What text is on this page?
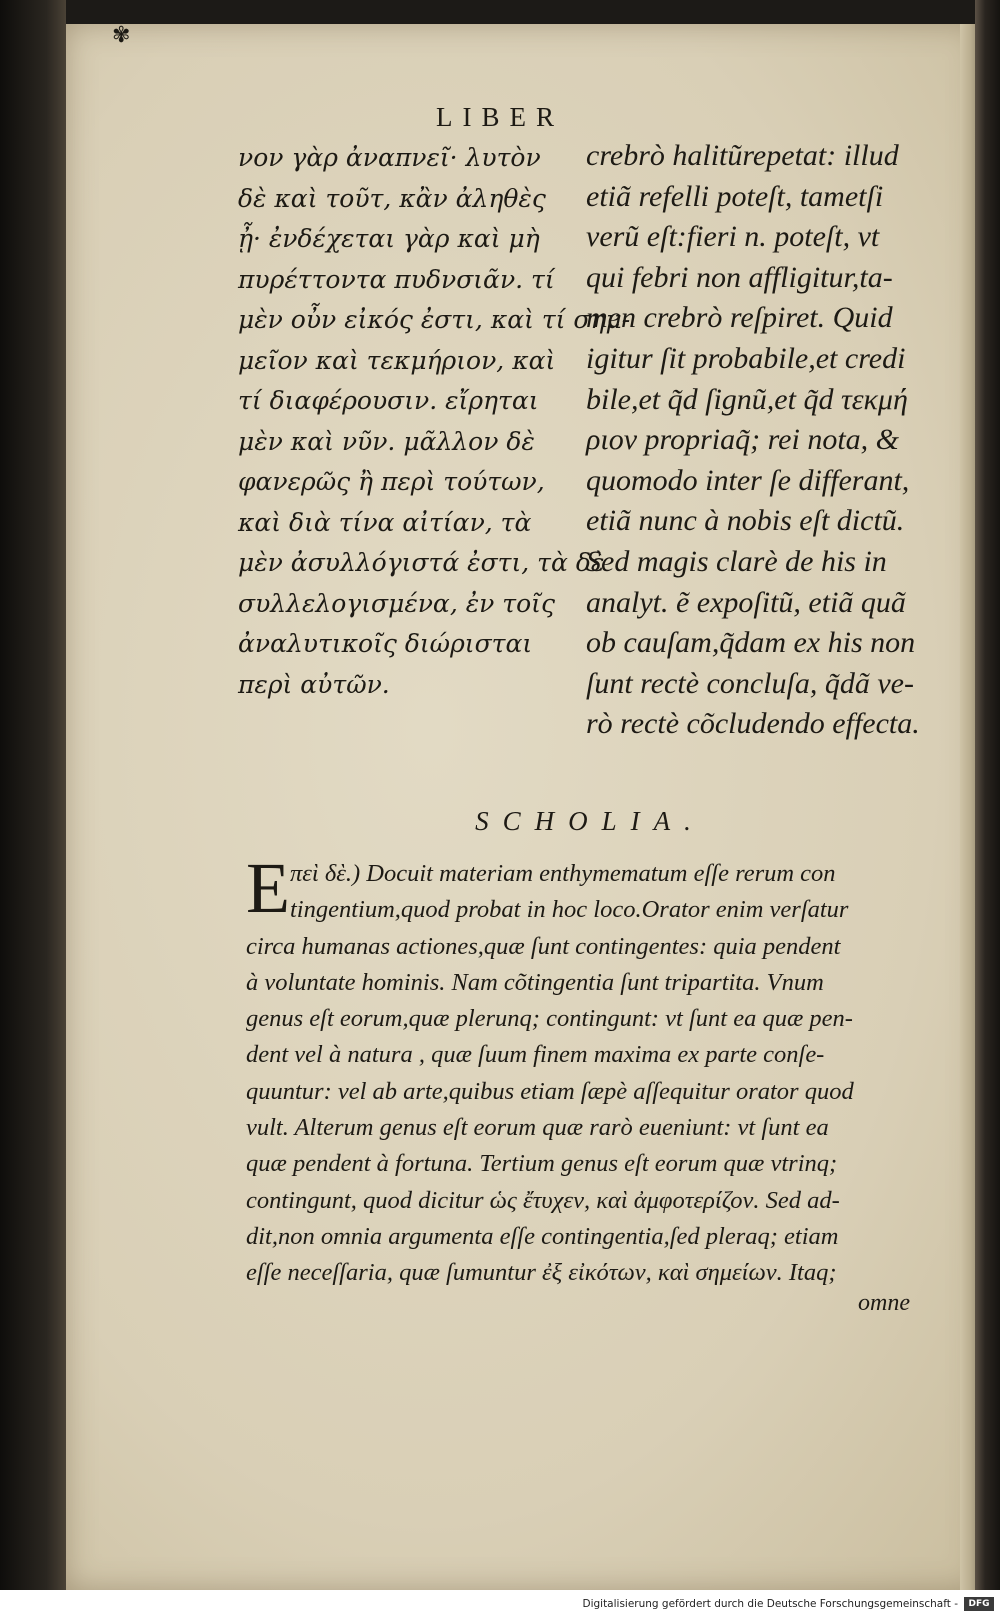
✾
LIBER
νον γὰρ ἀναπνεῖ· λυτὸν
δὲ καὶ τοῦτ, κἂν ἀληθὲς
ᾖ· ἐνδέχεται γὰρ καὶ μὴ
πυρέττοντα πυδνσιᾶν. τί
μὲν οὖν εἰκός ἐστι, καὶ τί σημ-
μεῖον καὶ τεκμήριον, καὶ
τί διαφέρουσιν. εἴρηται
μὲν καὶ νῦν. μᾶλλον δὲ
φανερῶς ἢ περὶ τούτων,
καὶ διὰ τίνα αἰτίαν, τὰ
μὲν ἀσυλλόγιστά ἐστι, τὰ δὲ
συλλελογισμένα, ἐν τοῖς
ἀναλυτικοῖς διώρισται
περὶ αὐτῶν.
crebrò halitũrepetat: illud
etiã refelli poteſt, tametſi
verũ eſt:fieri n. poteſt, vt
qui febri non affligitur,ta-
men crebrò reſpiret. Quid
igitur ſit probabile,et credi
bile,et q̃d ſignũ,et q̃d τεκμή
ριον propriaq̃; rei nota, &
quomodo inter ſe differant,
etiã nunc à nobis eſt dictũ.
Sed magis clarè de his in
analyt. ẽ expoſitũ, etiã quã
ob cauſam,q̃dam ex his non
ſunt rectè concluſa, q̃dã ve-
rò rectè cõcludendo effecta.
SCHOLIA.
E πεὶ δὲ.) Docuit materiam enthymematum eſſe rerum con
tingentium,quod probat in hoc loco.Orator enim verſatur
circa humanas actiones,quæ ſunt contingentes: quia pendent
à voluntate hominis. Nam cõtingentia ſunt tripartita. Vnum
genus eſt eorum,quæ plerunq; contingunt: vt ſunt ea quæ pen-
dent vel à natura , quæ ſuum finem maxima ex parte conſe-
quuntur: vel ab arte,quibus etiam ſæpè aſſequitur orator quod
vult. Alterum genus eſt eorum quæ rarò eueniunt: vt ſunt ea
quæ pendent à fortuna. Tertium genus eſt eorum quæ vtrinq;
contingunt, quod dicitur ὡς ἔτυχεν, καὶ ἀμφοτερίζον. Sed ad-
dit,non omnia argumenta eſſe contingentia,ſed pleraq; etiam
eſſe neceſſaria, quæ ſumuntur ἐξ εἰκότων, καὶ σημείων. Itaq;
omne
Digitalisierung gefördert durch die Deutsche Forschungsgemeinschaft -	DFG
